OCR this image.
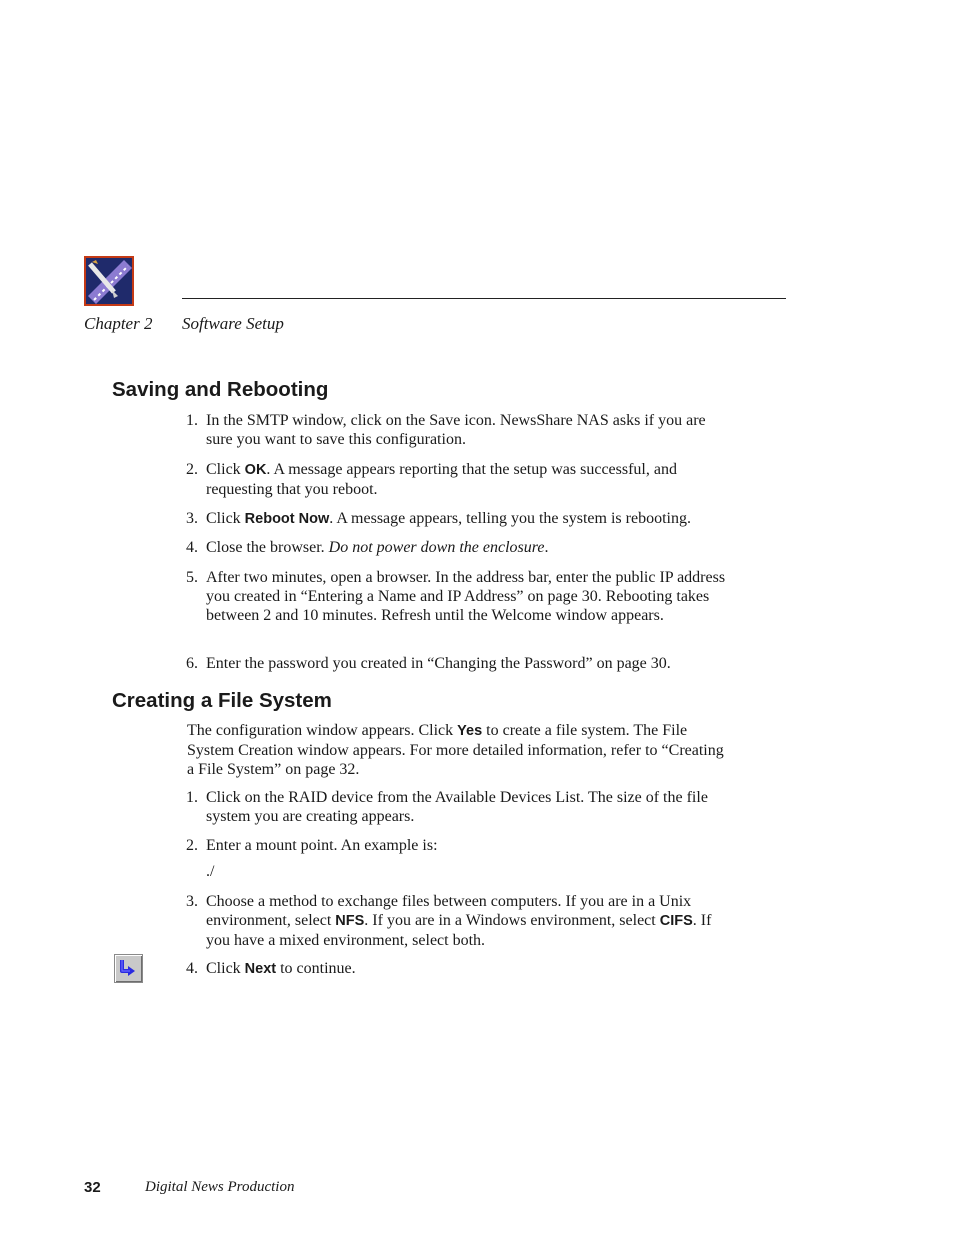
Chapter 2 Software Setup
Saving and Rebooting
1. In the SMTP window, click on the Save icon. NewsShare NAS asks if you are sure you want to save this configuration.
2. Click OK. A message appears reporting that the setup was successful, and requesting that you reboot.
3. Click Reboot Now. A message appears, telling you the system is rebooting.
4. Close the browser. Do not power down the enclosure.
5. After two minutes, open a browser. In the address bar, enter the public IP address you created in “Entering a Name and IP Address” on page 30. Rebooting takes between 2 and 10 minutes. Refresh until the Welcome window appears.
6. Enter the password you created in “Changing the Password” on page 30.
Creating a File System
The configuration window appears. Click Yes to create a file system. The File System Creation window appears. For more detailed information, refer to “Creating a File System” on page 32.
1. Click on the RAID device from the Available Devices List. The size of the file system you are creating appears.
2. Enter a mount point. An example is:
./
3. Choose a method to exchange files between computers. If you are in a Unix environment, select NFS. If you are in a Windows environment, select CIFS. If you have a mixed environment, select both.
4. Click Next to continue.
32	Digital News Production
